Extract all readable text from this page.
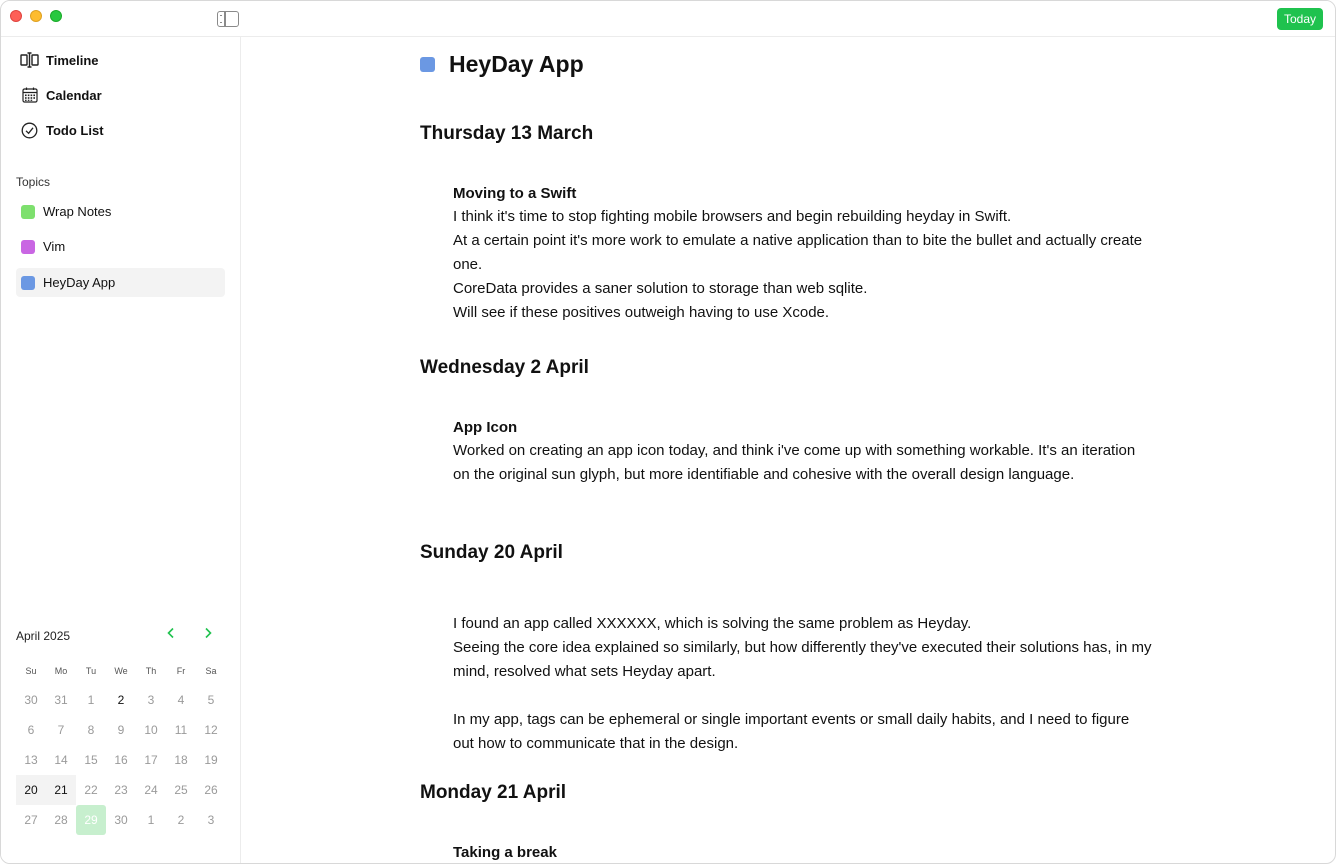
Today
Timeline
Calendar
Todo List
Topics
Wrap Notes
Vim
HeyDay App
April 2025
Su	Mo	Tu	We	Th	Fr	Sa
30	31	1	2	3	4	5
6	7	8	9	10	11	12
13	14	15	16	17	18	19
20	21	22	23	24	25	26
27	28	29	30	1	2	3
HeyDay App
Thursday 13 March
Moving to a Swift

I think it's time to stop fighting mobile browsers and begin rebuilding heyday in Swift.

At a certain point it's more work to emulate a native application than to bite the bullet and actually create one.

CoreData provides a saner solution to storage than web sqlite.

Will see if these positives outweigh having to use Xcode.

Wednesday 2 April
App Icon

Worked on creating an app icon today, and think i've come up with something workable. It's an iteration on the original sun glyph, but more identifiable and cohesive with the overall design language.

Sunday 20 April

I found an app called XXXXXX, which is solving the same problem as Heyday.

Seeing the core idea explained so similarly, but how differently they've executed their solutions has, in my mind, resolved what sets Heyday apart.

In my app, tags can be ephemeral or single important events or small daily habits, and I need to figure out how to communicate that in the design.

Monday 21 April
Taking a break
